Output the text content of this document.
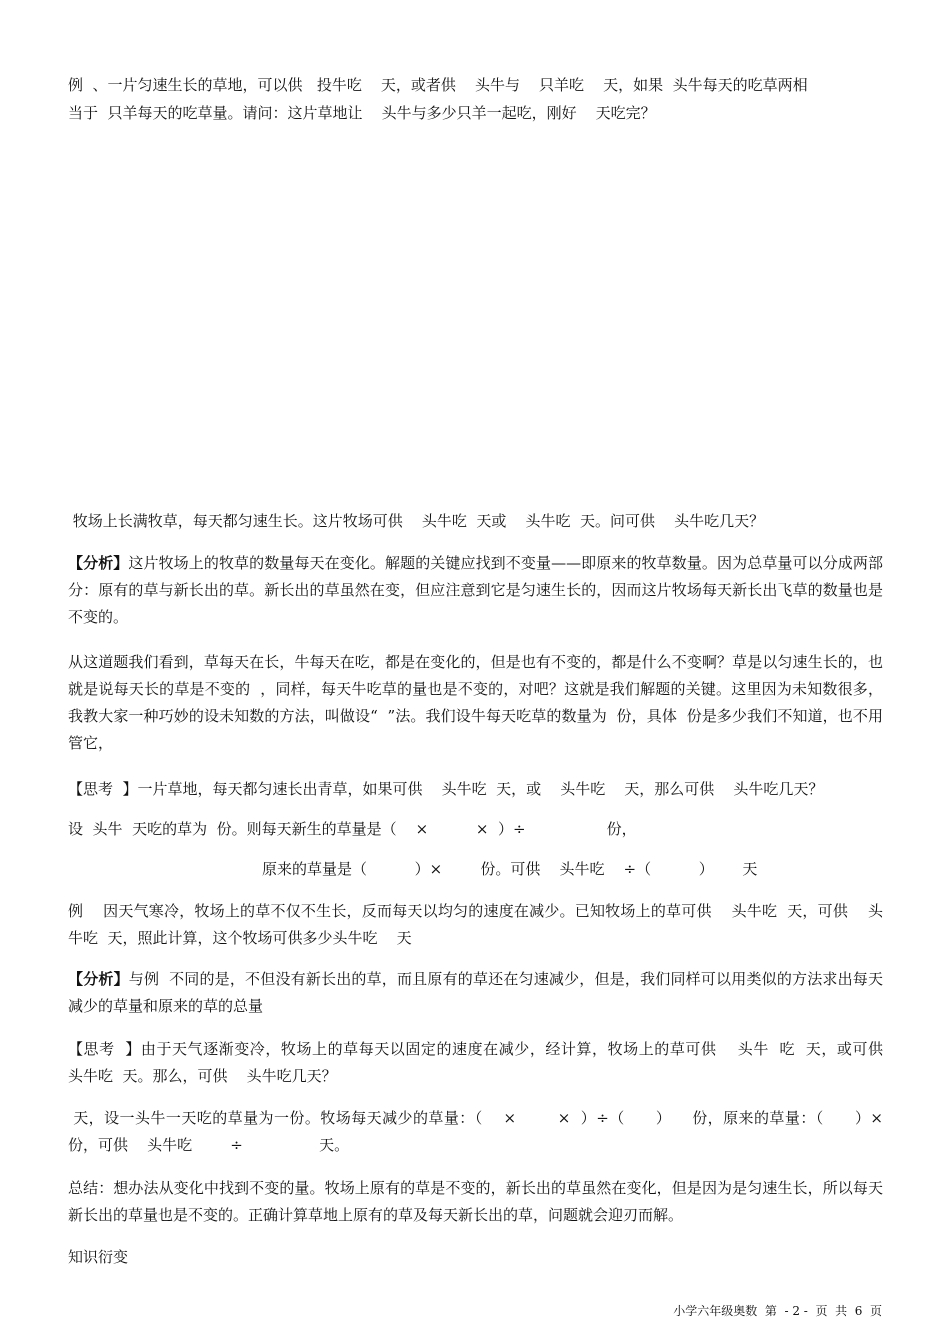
例  、一片匀速生长的草地，可以供   投牛吃    天，或者供    头牛与    只羊吃    天，如果  头牛每天的吃草两相

当于  只羊每天的吃草量。请问：这片草地让    头牛与多少只羊一起吃，刚好    天吃完？

牧场上长满牧草，每天都匀速生长。这片牧场可供    头牛吃  天或    头牛吃  天。问可供    头牛吃几天？

【分析】这片牧场上的牧草的数量每天在变化。解题的关键应找到不变量——即原来的牧草数量。因为总草量可以分成两部分：原有的草与新长出的草。新长出的草虽然在变，但应注意到它是匀速生长的，因而这片牧场每天新长出飞草的数量也是不变的。

从这道题我们看到，草每天在长，牛每天在吃，都是在变化的，但是也有不变的，都是什么不变啊？草是以匀速生长的，也就是说每天长的草是不变的  ，同样，每天牛吃草的量也是不变的，对吧？这就是我们解题的关键。这里因为未知数很多，我教大家一种巧妙的设未知数的方法，叫做设“  ”法。我们设牛每天吃草的数量为  份，具体  份是多少我们不知道，也不用管它，

【思考  】一片草地，每天都匀速长出青草，如果可供    头牛吃  天，或    头牛吃    天，那么可供    头牛吃几天？

设  头牛  天吃的草为  份。则每天新生的草量是（    ×          ×  ）÷                 份，

原来的草量是（          ）×        份。可供    头牛吃    ÷（          ）      天

例    因天气寒冷，牧场上的草不仅不生长，反而每天以均匀的速度在减少。已知牧场上的草可供    头牛吃  天，可供    头牛吃  天，照此计算，这个牧场可供多少头牛吃    天

【分析】与例  不同的是，不但没有新长出的草，而且原有的草还在匀速减少，但是，我们同样可以用类似的方法求出每天减少的草量和原来的草的总量

【思考  】由于天气逐渐变冷，牧场上的草每天以固定的速度在减少，经计算，牧场上的草可供    头牛  吃  天，或可供    头牛吃  天。那么，可供    头牛吃几天？

天，设一头牛一天吃的草量为一份。牧场每天减少的草量：（    ×        ×  ）÷（      ）    份，原来的草量：（      ）×            份，可供    头牛吃        ÷                天。

总结：想办法从变化中找到不变的量。牧场上原有的草是不变的，新长出的草虽然在变化，但是因为是匀速生长，所以每天新长出的草量也是不变的。正确计算草地上原有的草及每天新长出的草，问题就会迎刃而解。

知识衍变

小学六年级奥数  第  - 2 -  页  共  6  页
